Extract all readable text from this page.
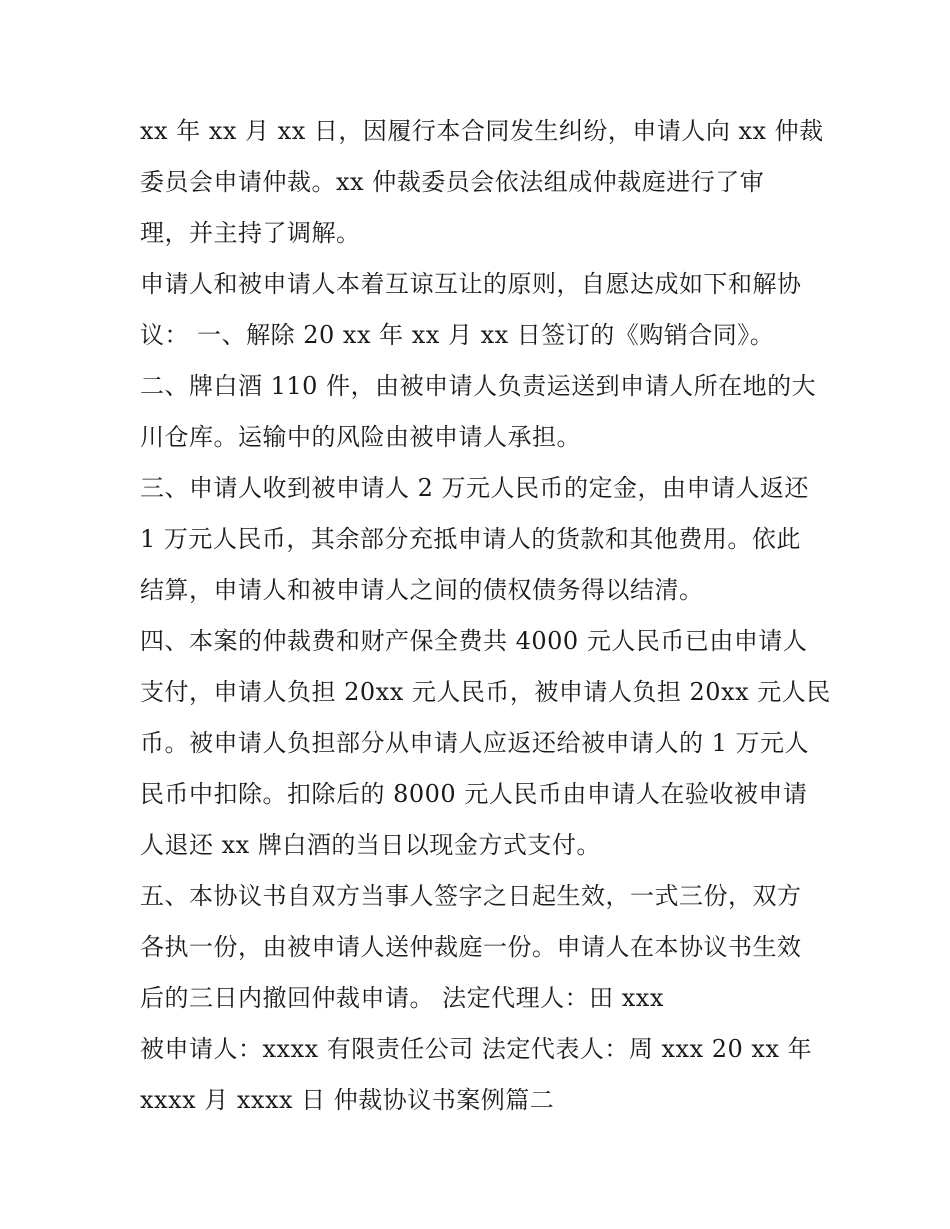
xx 年 xx 月 xx 日，因履行本合同发生纠纷，申请人向 xx 仲裁
委员会申请仲裁。xx 仲裁委员会依法组成仲裁庭进行了审
理，并主持了调解。
申请人和被申请人本着互谅互让的原则，自愿达成如下和解协
议： 一、解除 20 xx 年 xx 月 xx 日签订的《购销合同》。
二、牌白酒 110 件，由被申请人负责运送到申请人所在地的大
川仓库。运输中的风险由被申请人承担。
三、申请人收到被申请人 2 万元人民币的定金，由申请人返还
1 万元人民币，其余部分充抵申请人的货款和其他费用。依此
结算，申请人和被申请人之间的债权债务得以结清。
四、本案的仲裁费和财产保全费共 4000 元人民币已由申请人
支付，申请人负担 20xx 元人民币，被申请人负担 20xx 元人民
币。被申请人负担部分从申请人应返还给被申请人的 1 万元人
民币中扣除。扣除后的 8000 元人民币由申请人在验收被申请
人退还 xx 牌白酒的当日以现金方式支付。
五、本协议书自双方当事人签字之日起生效，一式三份，双方
各执一份，由被申请人送仲裁庭一份。申请人在本协议书生效
后的三日内撤回仲裁申请。 法定代理人：田 xxx
被申请人：xxxx 有限责任公司 法定代表人：周 xxx 20 xx 年
xxxx 月 xxxx 日 仲裁协议书案例篇二
